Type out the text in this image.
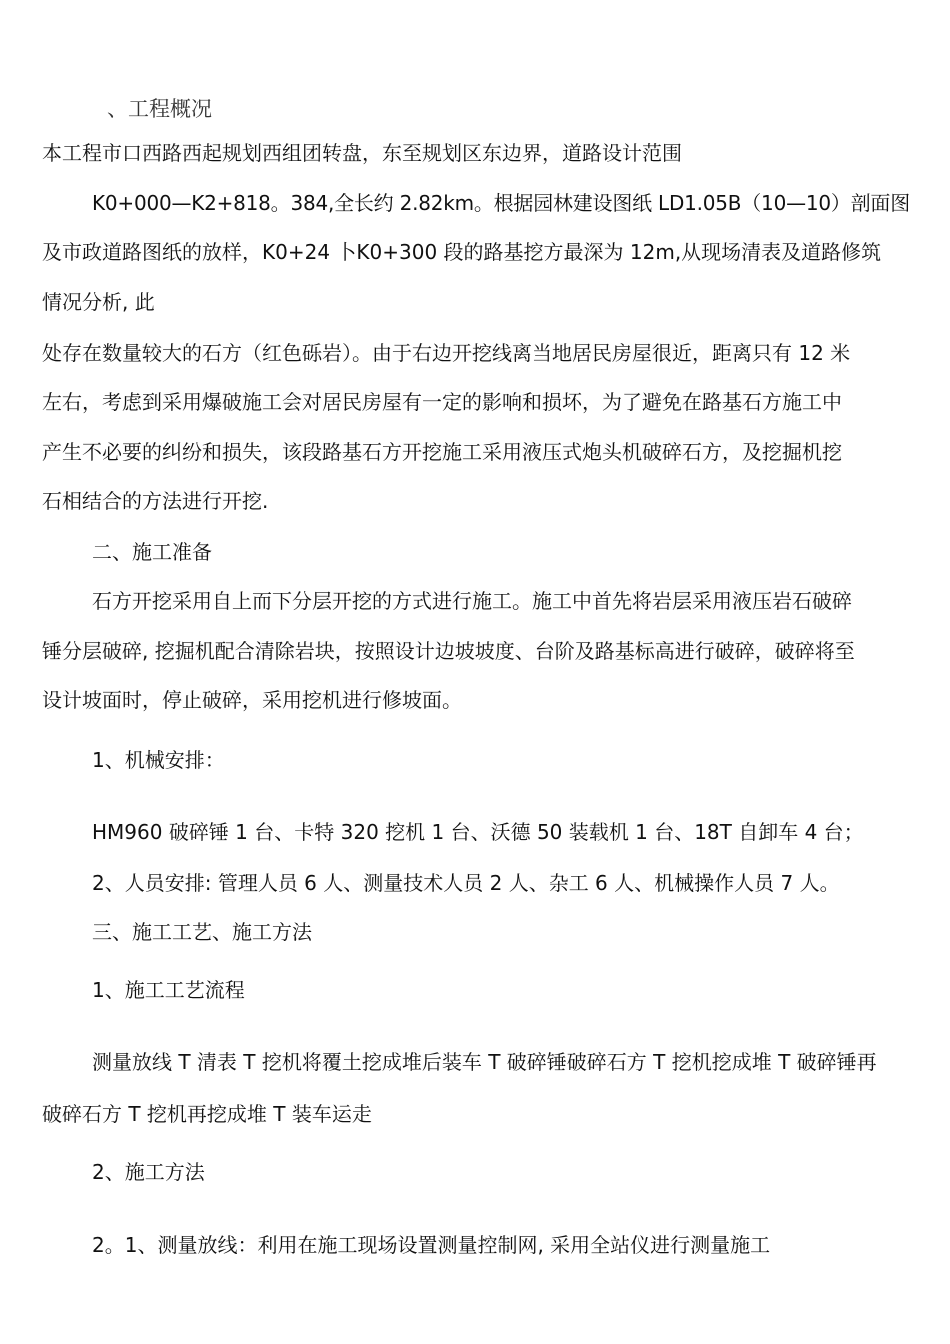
、工程概况
本工程市口西路西起规划西组团转盘，东至规划区东边界，道路设计范围
K0+000—K2+818。384,全长约 2.82km。根据园林建设图纸 LD1.05B（10—10）剖面图
及市政道路图纸的放样，K0+24 卜K0+300 段的路基挖方最深为 12m,从现场清表及道路修筑
情况分析, 此
处存在数量较大的石方（红色砾岩）。由于右边开挖线离当地居民房屋很近，距离只有 12 米
左右，考虑到采用爆破施工会对居民房屋有一定的影响和损坏，为了避免在路基石方施工中
产生不必要的纠纷和损失，该段路基石方开挖施工采用液压式炮头机破碎石方，及挖掘机挖
石相结合的方法进行开挖.
二、施工准备
石方开挖采用自上而下分层开挖的方式进行施工。施工中首先将岩层采用液压岩石破碎
锤分层破碎, 挖掘机配合清除岩块，按照设计边坡坡度、台阶及路基标高进行破碎，破碎将至
设计坡面时，停止破碎，采用挖机进行修坡面。
1、机械安排：
HM960 破碎锤 1 台、卡特 320 挖机 1 台、沃德 50 装载机 1 台、18T 自卸车 4 台；
2、人员安排: 管理人员 6 人、测量技术人员 2 人、杂工 6 人、机械操作人员 7 人。
三、施工工艺、施工方法
1、施工工艺流程
测量放线 T 清表 T 挖机将覆土挖成堆后装车 T 破碎锤破碎石方 T 挖机挖成堆 T 破碎锤再
破碎石方 T 挖机再挖成堆 T 装车运走
2、施工方法
2。1、测量放线：利用在施工现场设置测量控制网, 采用全站仪进行测量施工
